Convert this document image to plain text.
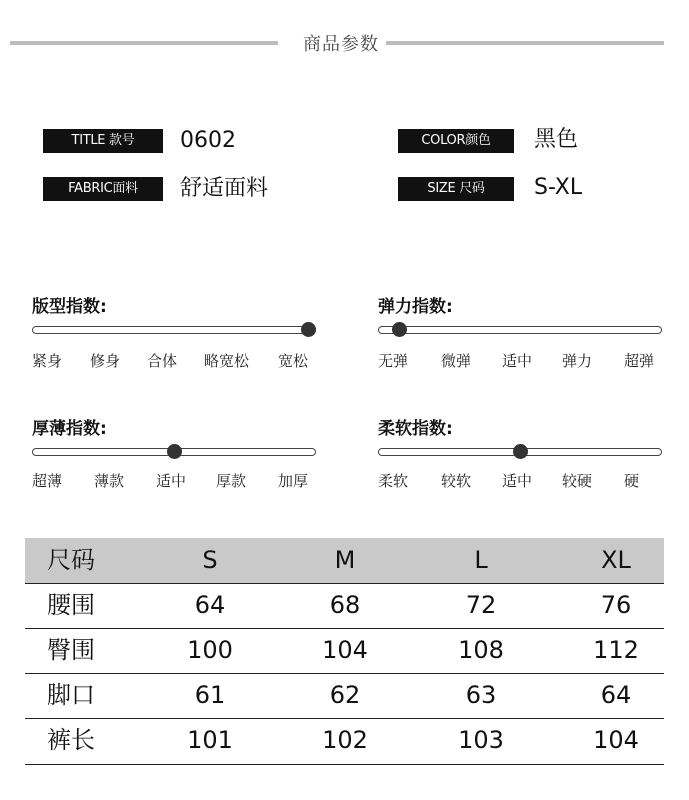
商品参数
TITLE 款号	0602	COLOR颜色	黑色
FABRIC面料	舒适面料	SIZE 尺码	S-XL
版型指数:
紧身 修身 合体 略宽松 宽松
弹力指数:
无弹 微弹 适中 弹力 超弹
厚薄指数:
超薄 薄款 适中 厚款 加厚
柔软指数:
柔软 较软 适中 较硬 硬
尺码	S	M	L	XL
腰围	64	68	72	76
臀围	100	104	108	112
脚口	61	62	63	64
裤长	101	102	103	104
